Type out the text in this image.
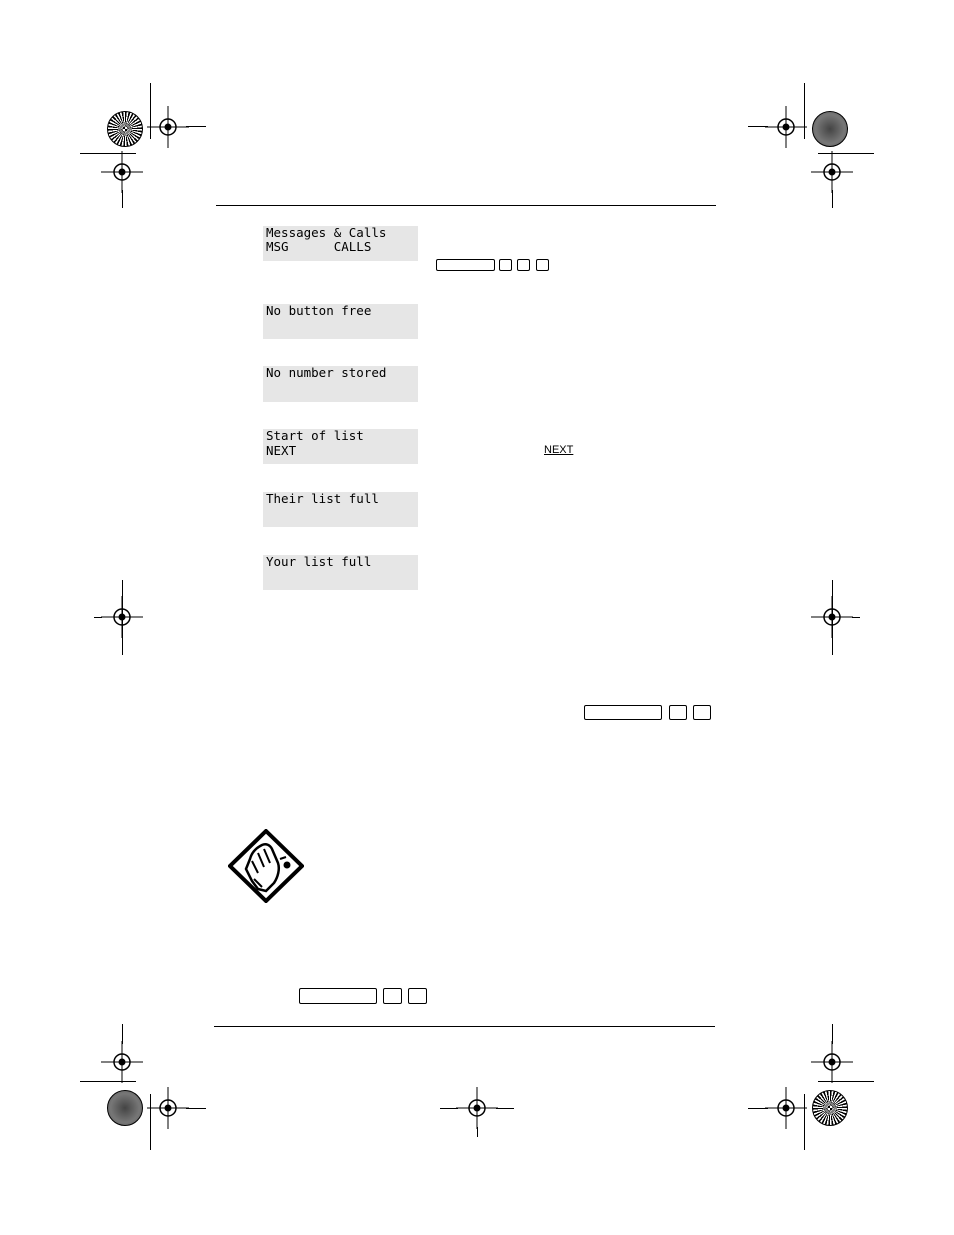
Messages & Calls
MSG      CALLS
No button free
No number stored
Start of list
NEXT
Their list full
Your list full
NEXT
